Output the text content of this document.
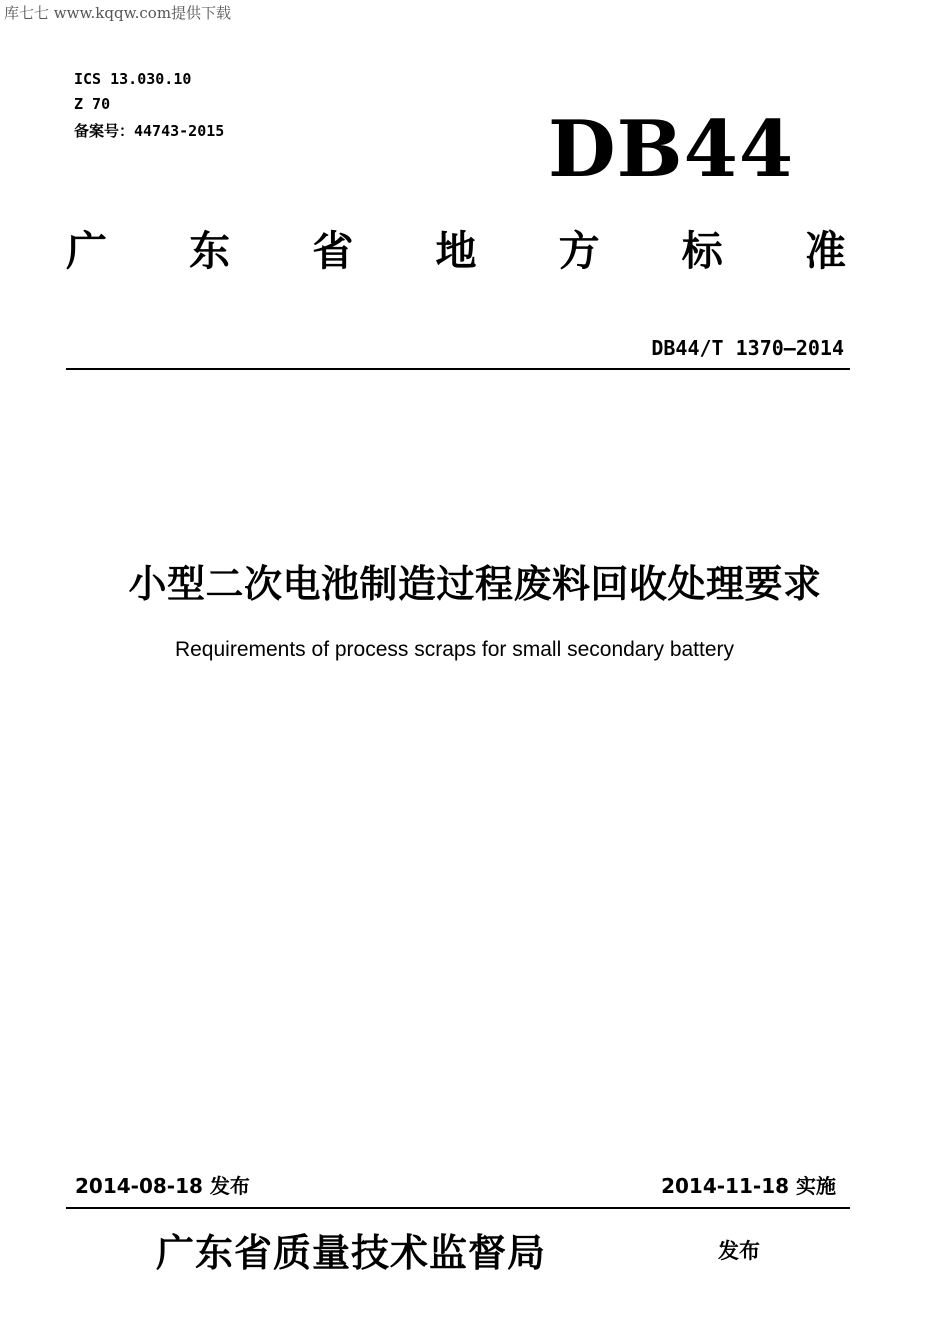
库七七 www.kqqw.com提供下载
ICS 13.030.10
Z 70
备案号：44743-2015	DB44
广 东 省 地 方 标 准
DB44/T 1370—2014
小型二次电池制造过程废料回收处理要求
Requirements of process scraps for small secondary battery
2014-08-18 发布	2014-11-18 实施
广东省质量技术监督局	发布
